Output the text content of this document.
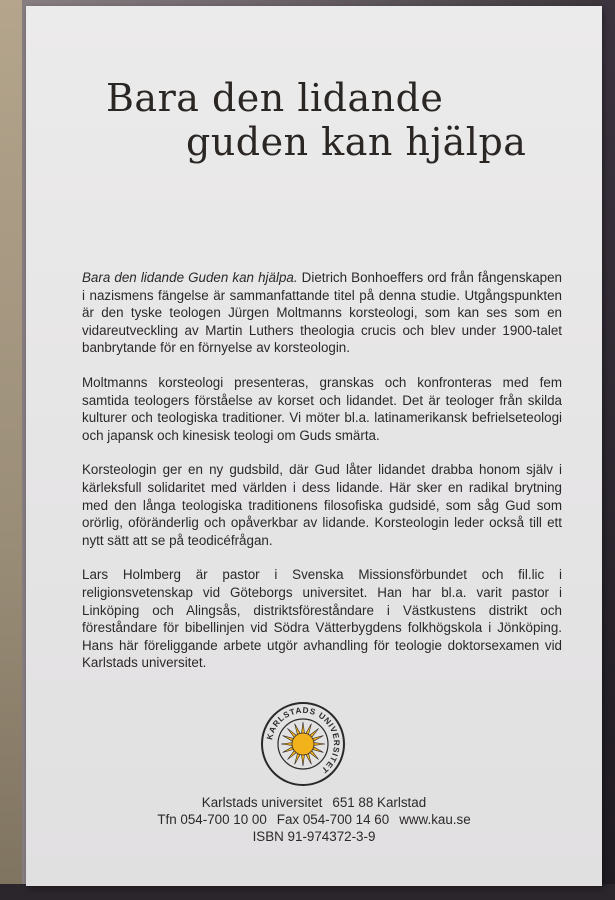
Bara den lidande
guden kan hjälpa

Bara den lidande Guden kan hjälpa. Dietrich Bonhoeffers ord från fångenskapen i nazismens fängelse är sammanfattande titel på denna studie. Utgångspunkten är den tyske teologen Jürgen Moltmanns korsteologi, som kan ses som en vidareutveckling av Martin Luthers theologia crucis och blev under 1900-talet banbrytande för en förnyelse av korsteologin.

Moltmanns korsteologi presenteras, granskas och konfronteras med fem samtida teologers förståelse av korset och lidandet. Det är teologer från skilda kulturer och teologiska traditioner. Vi möter bl.a. latinamerikansk befrielseteologi och japansk och kinesisk teologi om Guds smärta.

Korsteologin ger en ny gudsbild, där Gud låter lidandet drabba honom själv i kärleksfull solidaritet med världen i dess lidande. Här sker en radikal brytning med den långa teologiska traditionens filosofiska gudsidé, som såg Gud som orörlig, oföränderlig och opåverkbar av lidande. Korsteologin leder också till ett nytt sätt att se på teodicéfrågan.

Lars Holmberg är pastor i Svenska Missionsförbundet och fil.lic i religionsvetenskap vid Göteborgs universitet. Han har bl.a. varit pastor i Linköping och Alingsås, distriktsföreståndare i Västkustens distrikt och föreståndare för bibellinjen vid Södra Vätterbygdens folkhögskola i Jönköping. Hans här föreliggande arbete utgör avhandling för teologie doktorsexamen vid Karlstads universitet.

KARLSTADS UNIVERSITET
Karlstads universitet 651 88 Karlstad
Tfn 054-700 10 00 Fax 054-700 14 60 www.kau.se
ISBN 91-974372-3-9
